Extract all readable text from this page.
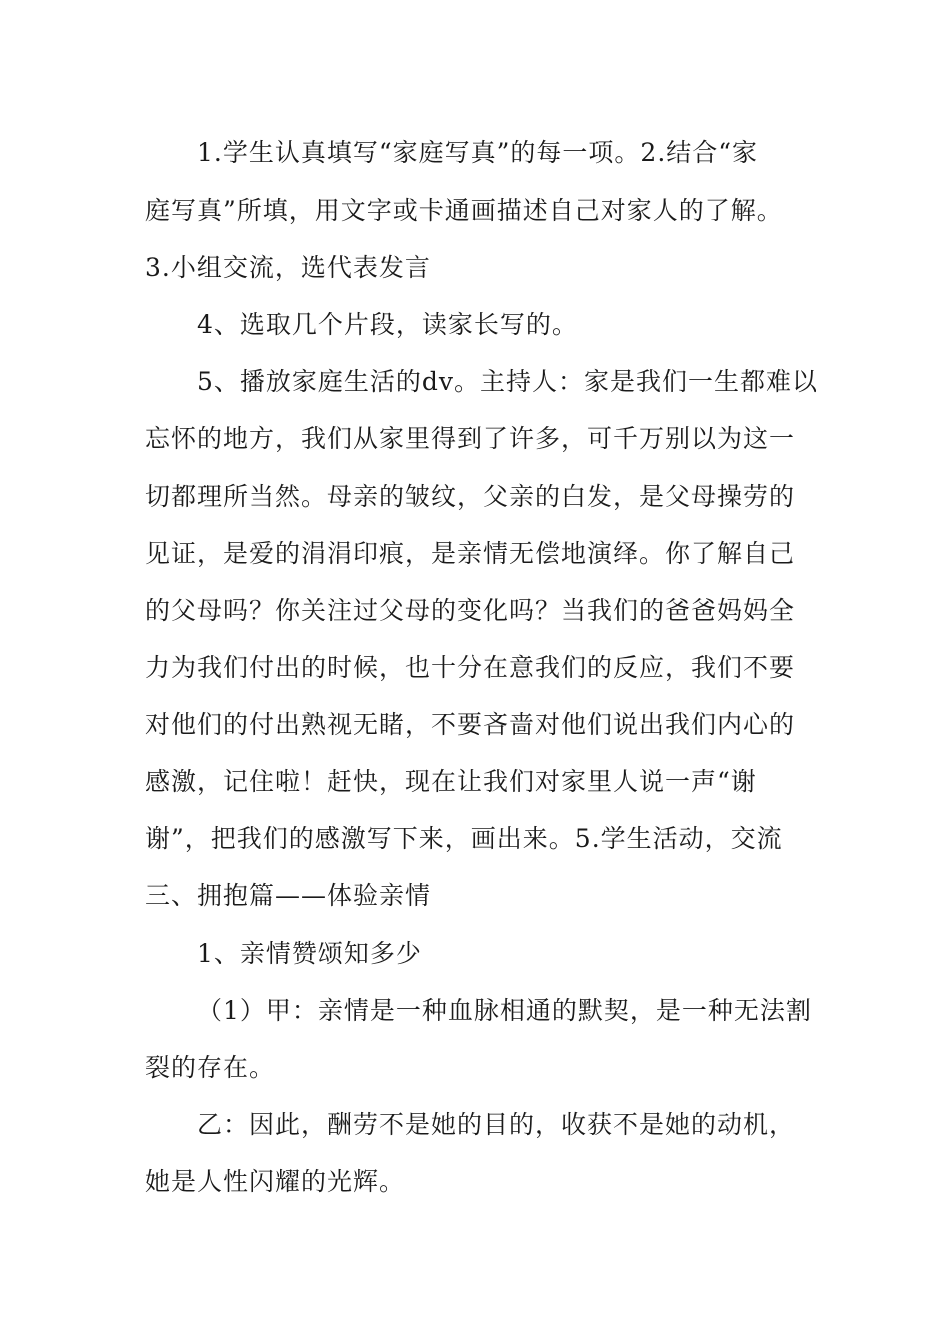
1.学生认真填写“家庭写真”的每一项。2.结合“家
庭写真”所填，用文字或卡通画描述自己对家人的了解。
3.小组交流，选代表发言
4、选取几个片段，读家长写的。
5、播放家庭生活的dv。主持人：家是我们一生都难以
忘怀的地方，我们从家里得到了许多，可千万别以为这一
切都理所当然。母亲的皱纹，父亲的白发，是父母操劳的
见证，是爱的涓涓印痕，是亲情无偿地演绎。你了解自己
的父母吗？你关注过父母的变化吗？当我们的爸爸妈妈全
力为我们付出的时候，也十分在意我们的反应，我们不要
对他们的付出熟视无睹，不要吝啬对他们说出我们内心的
感激，记住啦！赶快，现在让我们对家里人说一声“谢
谢”，把我们的感激写下来，画出来。5.学生活动，交流
三、拥抱篇——体验亲情
1、亲情赞颂知多少
（1）甲：亲情是一种血脉相通的默契，是一种无法割
裂的存在。
乙：因此，酬劳不是她的目的，收获不是她的动机，
她是人性闪耀的光辉。
